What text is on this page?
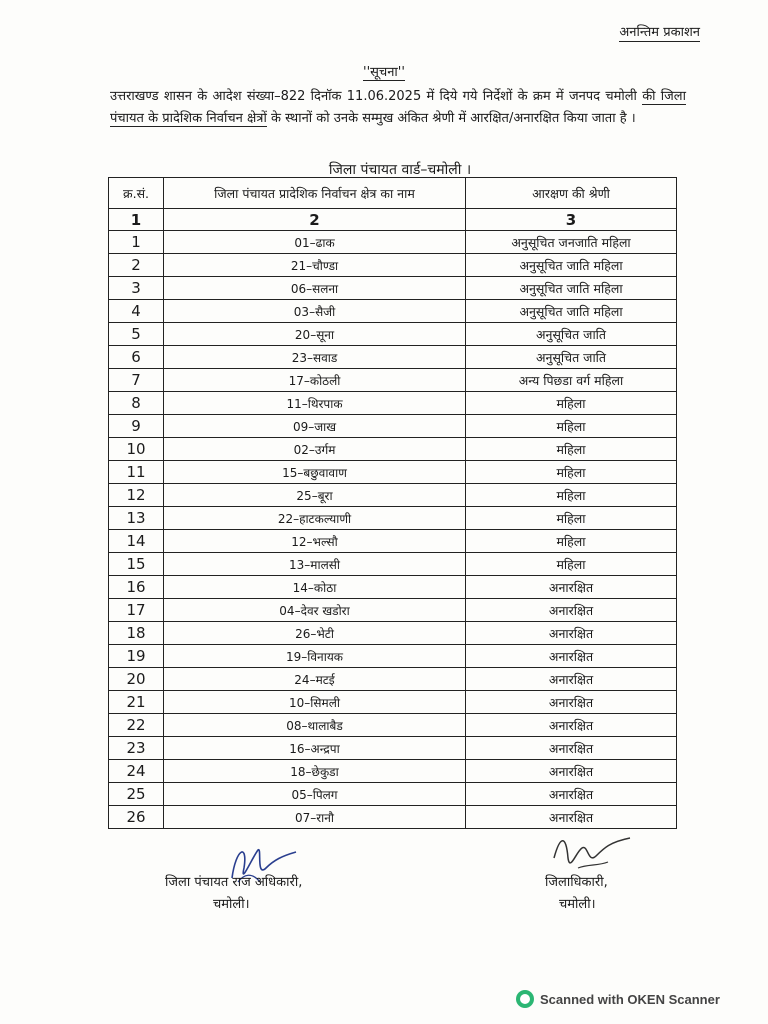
अनन्तिम प्रकाशन
''सूचना''
उत्तराखण्ड शासन के आदेश संख्या–822 दिनॉक 11.06.2025 में दिये गये निर्देशों के क्रम में जनपद चमोली की जिला पंचायत के प्रादेशिक निर्वाचन क्षेत्रों के स्थानों को उनके सम्मुख अंकित श्रेणी में आरक्षित/अनारक्षित किया जाता है ।
जिला पंचायत वार्ड–चमोली ।
क्र.सं.	जिला पंचायत प्रादेशिक निर्वाचन क्षेत्र का नाम	आरक्षण की श्रेणी
1	2	3
1	01–ढाक	अनुसूचित जनजाति महिला
2	21–चौण्डा	अनुसूचित जाति महिला
3	06–सलना	अनुसूचित जाति महिला
4	03–सैजी	अनुसूचित जाति महिला
5	20–सूना	अनुसूचित जाति
6	23–सवाड	अनुसूचित जाति
7	17–कोठली	अन्य पिछडा वर्ग महिला
8	11–थिरपाक	महिला
9	09–जाख	महिला
10	02–उर्गम	महिला
11	15–बछुवावाण	महिला
12	25–बूरा	महिला
13	22–हाटकल्याणी	महिला
14	12–भल्सौ	महिला
15	13–मालसी	महिला
16	14–कोठा	अनारक्षित
17	04–देवर खडोरा	अनारक्षित
18	26–भेटी	अनारक्षित
19	19–विनायक	अनारक्षित
20	24–मटई	अनारक्षित
21	10–सिमली	अनारक्षित
22	08–थालाबैड	अनारक्षित
23	16–अन्द्रपा	अनारक्षित
24	18–छेकुडा	अनारक्षित
25	05–पिलग	अनारक्षित
26	07–रानौ	अनारक्षित
जिला पंचायत राज अधिकारी,
चमोली।
जिलाधिकारी,
चमोली।
Scanned with OKEN Scanner
